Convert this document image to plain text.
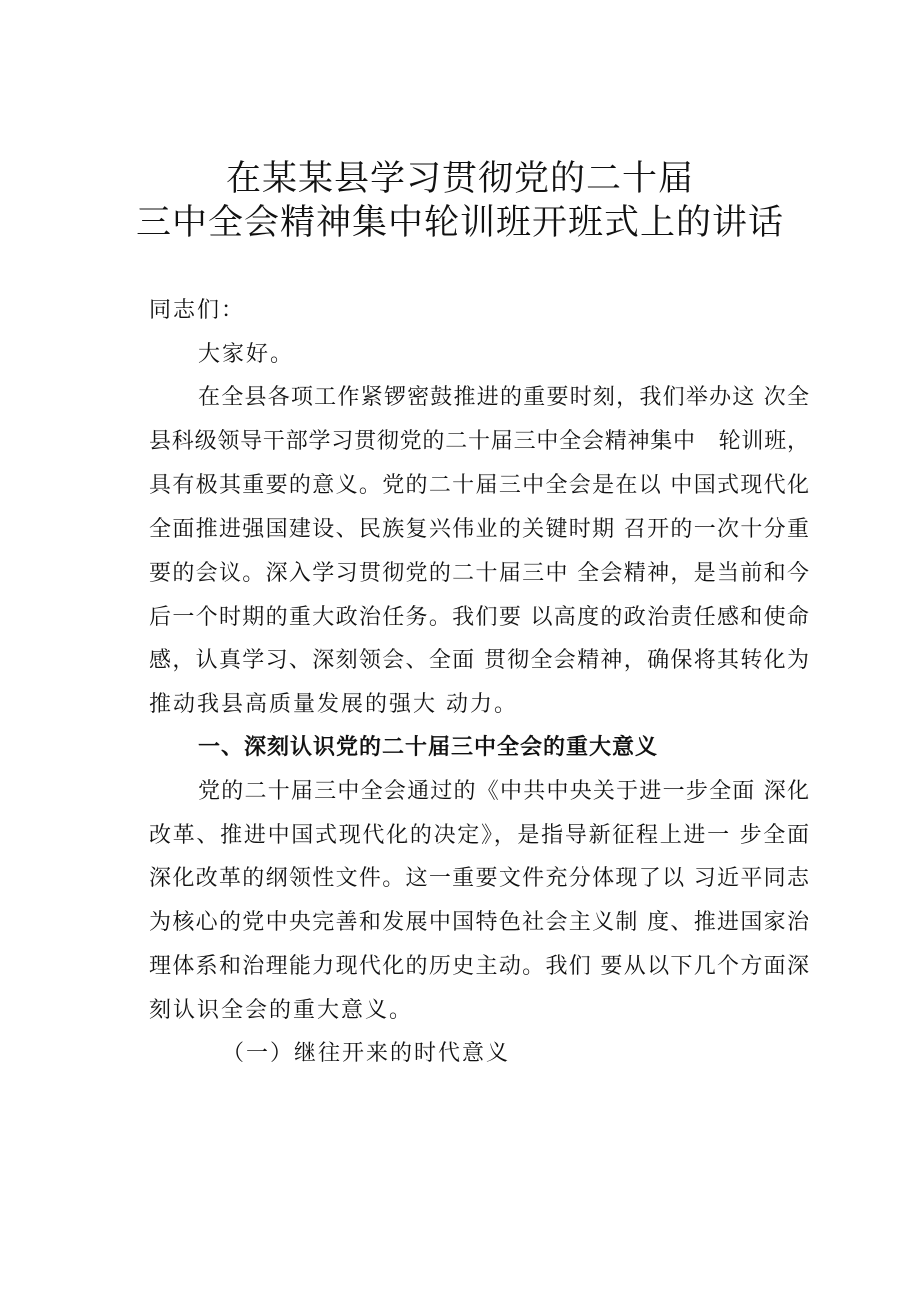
在某某县学习贯彻党的二十届
三中全会精神集中轮训班开班式上的讲话
同志们：
大家好。
在全县各项工作紧锣密鼓推进的重要时刻，我们举办这 次全
县科级领导干部学习贯彻党的二十届三中全会精神集中　轮训班，
具有极其重要的意义。党的二十届三中全会是在以 中国式现代化
全面推进强国建设、民族复兴伟业的关键时期 召开的一次十分重
要的会议。深入学习贯彻党的二十届三中 全会精神，是当前和今
后一个时期的重大政治任务。我们要 以高度的政治责任感和使命
感，认真学习、深刻领会、全面 贯彻全会精神，确保将其转化为
推动我县高质量发展的强大 动力。
一、深刻认识党的二十届三中全会的重大意义
党的二十届三中全会通过的《中共中央关于进一步全面 深化
改革、推进中国式现代化的决定》，是指导新征程上进一 步全面
深化改革的纲领性文件。这一重要文件充分体现了以 习近平同志
为核心的党中央完善和发展中国特色社会主义制 度、推进国家治
理体系和治理能力现代化的历史主动。我们 要从以下几个方面深
刻认识全会的重大意义。
（一）继往开来的时代意义
